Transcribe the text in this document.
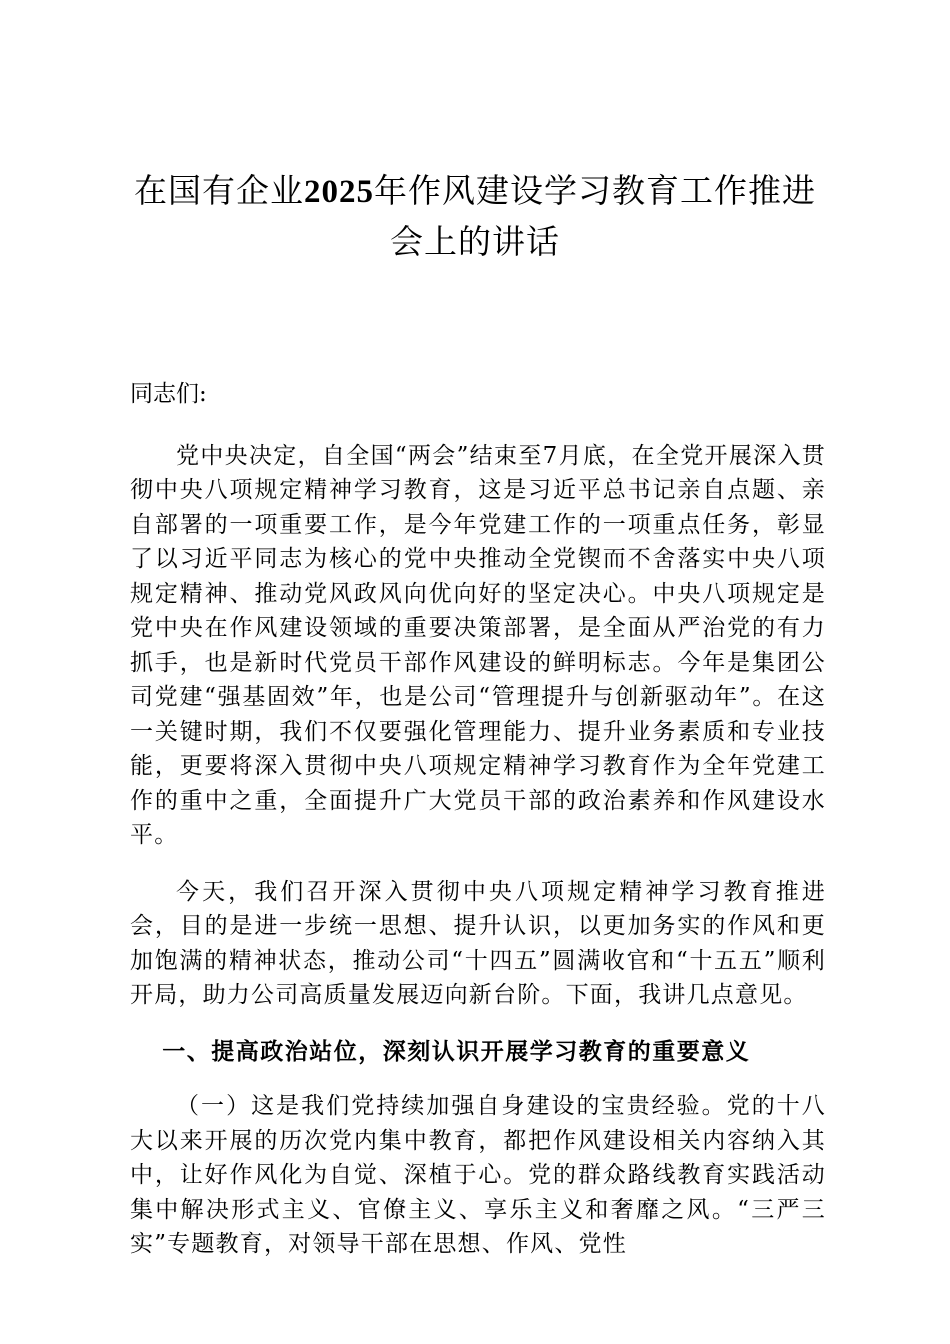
在国有企业2025年作风建设学习教育工作推进会上的讲话

同志们:

党中央决定，自全国“两会”结束至7月底，在全党开展深入贯彻中央八项规定精神学习教育，这是习近平总书记亲自点题、亲自部署的一项重要工作，是今年党建工作的一项重点任务，彰显了以习近平同志为核心的党中央推动全党锲而不舍落实中央八项规定精神、推动党风政风向优向好的坚定决心。中央八项规定是党中央在作风建设领域的重要决策部署，是全面从严治党的有力抓手，也是新时代党员干部作风建设的鲜明标志。今年是集团公司党建“强基固效”年，也是公司“管理提升与创新驱动年”。在这一关键时期，我们不仅要强化管理能力、提升业务素质和专业技能，更要将深入贯彻中央八项规定精神学习教育作为全年党建工作的重中之重，全面提升广大党员干部的政治素养和作风建设水平。

今天，我们召开深入贯彻中央八项规定精神学习教育推进会，目的是进一步统一思想、提升认识，以更加务实的作风和更加饱满的精神状态，推动公司“十四五”圆满收官和“十五五”顺利开局，助力公司高质量发展迈向新台阶。下面，我讲几点意见。

一、提高政治站位，深刻认识开展学习教育的重要意义

（一）这是我们党持续加强自身建设的宝贵经验。党的十八大以来开展的历次党内集中教育，都把作风建设相关内容纳入其中，让好作风化为自觉、深植于心。党的群众路线教育实践活动集中解决形式主义、官僚主义、享乐主义和奢靡之风。“三严三实”专题教育，对领导干部在思想、作风、党性
